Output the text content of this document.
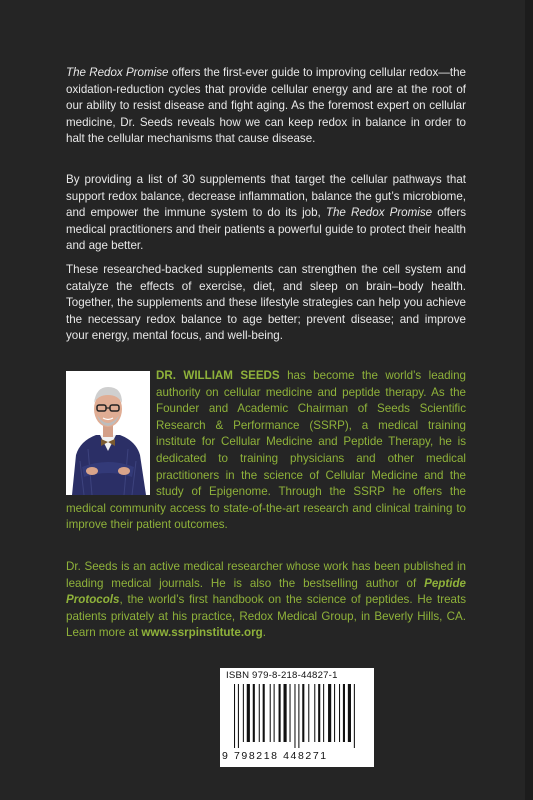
The Redox Promise offers the first-ever guide to improving cellular redox—the oxidation-reduction cycles that provide cellular energy and are at the root of our ability to resist disease and fight aging. As the foremost expert on cellular medicine, Dr. Seeds reveals how we can keep redox in balance in order to halt the cellular mechanisms that cause disease.
By providing a list of 30 supplements that target the cellular pathways that support redox balance, decrease inflammation, balance the gut’s microbiome, and empower the immune system to do its job, The Redox Promise offers medical practitioners and their patients a powerful guide to protect their health and age better.
These researched-backed supplements can strengthen the cell system and catalyze the effects of exercise, diet, and sleep on brain–body health. Together, the supplements and these lifestyle strategies can help you achieve the necessary redox balance to age better; prevent disease; and improve your energy, mental focus, and well-being.
DR. WILLIAM SEEDS has become the world’s leading authority on cellular medicine and peptide therapy. As the Founder and Academic Chairman of Seeds Scientific Research & Performance (SSRP), a medical training institute for Cellular Medicine and Peptide Therapy, he is dedicated to training physicians and other medical practitioners in the science of Cellular Medicine and the study of Epigenome. Through the SSRP he offers the medical community access to state-of-the-art research and clinical training to improve their patient outcomes.
Dr. Seeds is an active medical researcher whose work has been published in leading medical journals. He is also the bestselling author of Peptide Protocols, the world’s first handbook on the science of peptides. He treats patients privately at his practice, Redox Medical Group, in Beverly Hills, CA. Learn more at www.ssrpinstitute.org.
ISBN 979-8-218-44827-1
9 798218 448271
